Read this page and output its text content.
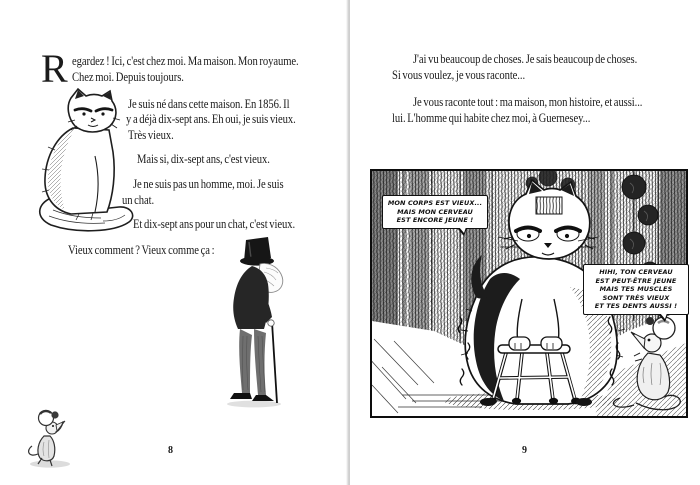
R egardez ! Ici, c'est chez moi. Ma maison. Mon royaume.
Chez moi. Depuis toujours.
Je suis né dans cette maison. En 1856. Il
y a déjà dix-sept ans. Eh oui, je suis vieux.
Très vieux.
Mais si, dix-sept ans, c'est vieux.
Je ne suis pas un homme, moi. Je suis
un chat.
Et dix-sept ans pour un chat, c'est vieux.
Vieux comment ? Vieux comme ça :
8
J'ai vu beaucoup de choses. Je sais beaucoup de choses.
Si vous voulez, je vous raconte...
Je vous raconte tout : ma maison, mon histoire, et aussi...
lui. L'homme qui habite chez moi, à Guernesey...
MON CORPS EST VIEUX...
MAIS MON CERVEAU
EST ENCORE JEUNE !
HIHI, TON CERVEAU
EST PEUT-ÊTRE JEUNE
MAIS TES MUSCLES
SONT TRÈS VIEUX
ET TES DENTS AUSSI !
9
